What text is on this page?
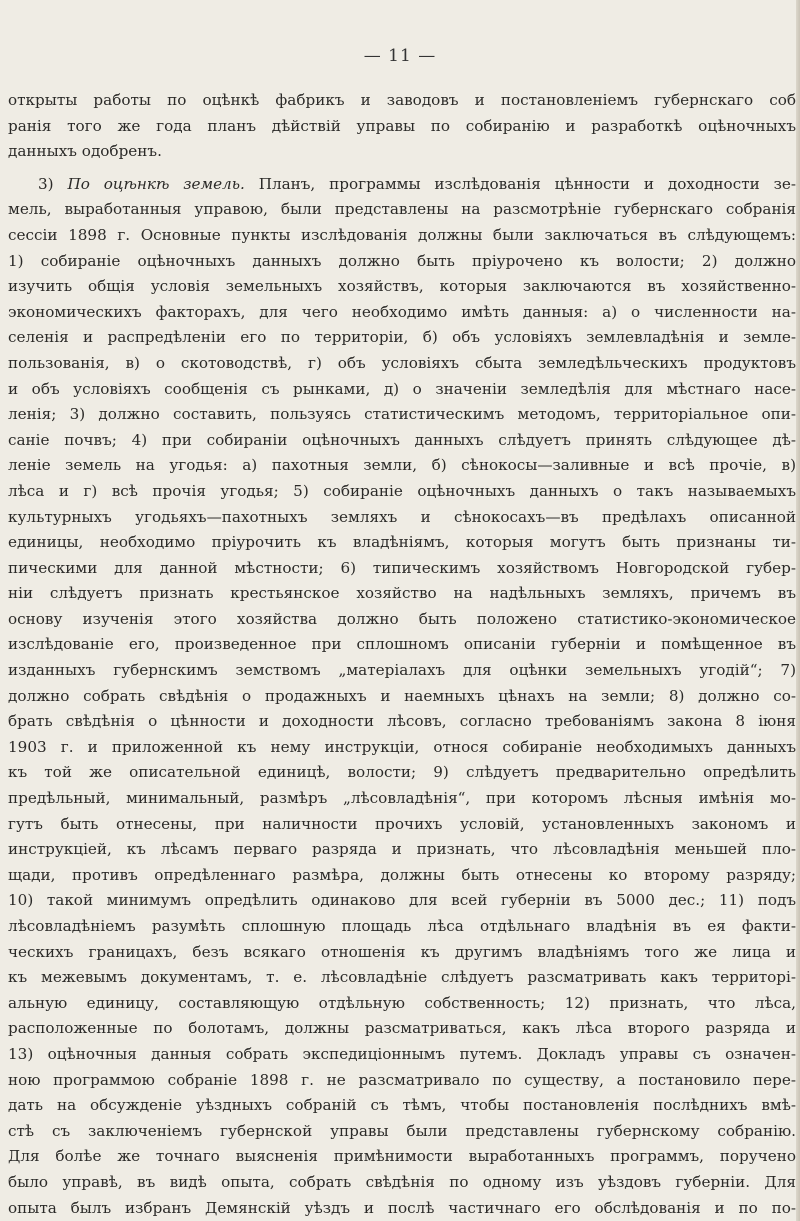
— 11 —
открыты работы по оцѣнкѣ фабрикъ и заводовъ и постановленіемъ губернскаго соб
ранія того же года планъ дѣйствій управы по собиранію и разработкѣ оцѣночныхъ
данныхъ одобренъ.
3) По оцѣнкѣ земель. Планъ, программы изслѣдованія цѣнности и доходности зе-
мель, выработанныя управою, были представлены на разсмотрѣніе губернскаго собранія
сессіи 1898 г. Основные пункты изслѣдованія должны были заключаться въ слѣдующемъ:
1) собираніе оцѣночныхъ данныхъ должно быть пріурочено къ волости; 2) должно
изучить общія условія земельныхъ хозяйствъ, которыя заключаются въ хозяйственно-
экономическихъ факторахъ, для чего необходимо имѣть данныя: а) о численности на-
селенія и распредѣленіи его по территоріи, б) объ условіяхъ землевладѣнія и земле-
пользованія, в) о скотоводствѣ, г) объ условіяхъ сбыта земледѣльческихъ продуктовъ
и объ условіяхъ сообщенія съ рынками, д) о значеніи земледѣлія для мѣстнаго насе-
ленія; 3) должно составить, пользуясь статистическимъ методомъ, территоріальное опи-
саніе почвъ; 4) при собираніи оцѣночныхъ данныхъ слѣдуетъ принять слѣдующее дѣ-
леніе земель на угодья: а) пахотныя земли, б) сѣнокосы—заливные и всѣ прочіе, в)
лѣса и г) всѣ прочія угодья; 5) собираніе оцѣночныхъ данныхъ о такъ называемыхъ
культурныхъ угодьяхъ—пахотныхъ земляхъ и сѣнокосахъ—въ предѣлахъ описанной
единицы, необходимо пріурочить къ владѣніямъ, которыя могутъ быть признаны ти-
пическими для данной мѣстности; 6) типическимъ хозяйствомъ Новгородской губер-
ніи слѣдуетъ признать крестьянское хозяйство на надѣльныхъ земляхъ, причемъ въ
основу изученія этого хозяйства должно быть положено статистико-экономическое
изслѣдованіе его, произведенное при сплошномъ описаніи губерніи и помѣщенное въ
изданныхъ губернскимъ земствомъ „матеріалахъ для оцѣнки земельныхъ угодій“; 7)
должно собрать свѣдѣнія о продажныхъ и наемныхъ цѣнахъ на земли; 8) должно со-
брать свѣдѣнія о цѣнности и доходности лѣсовъ, согласно требованіямъ закона 8 іюня
1903 г. и приложенной къ нему инструкціи, относя собираніе необходимыхъ данныхъ
къ той же описательной единицѣ, волости; 9) слѣдуетъ предварительно опредѣлить
предѣльный, минимальный, размѣръ „лѣсовладѣнія“, при которомъ лѣсныя имѣнія мо-
гутъ быть отнесены, при наличности прочихъ условій, установленныхъ закономъ и
инструкціей, къ лѣсамъ перваго разряда и признать, что лѣсовладѣнія меньшей пло-
щади, противъ опредѣленнаго размѣра, должны быть отнесены ко второму разряду;
10) такой минимумъ опредѣлить одинаково для всей губерніи въ 5000 дес.; 11) подъ
лѣсовладѣніемъ разумѣть сплошную площадь лѣса отдѣльнаго владѣнія въ ея факти-
ческихъ границахъ, безъ всякаго отношенія къ другимъ владѣніямъ того же лица и
къ межевымъ документамъ, т. е. лѣсовладѣніе слѣдуетъ разсматривать какъ территорі-
альную единицу, составляющую отдѣльную собственность; 12) признать, что лѣса,
расположенные по болотамъ, должны разсматриваться, какъ лѣса второго разряда и
13) оцѣночныя данныя собрать экспедиціоннымъ путемъ. Докладъ управы съ означен-
ною программою собраніе 1898 г. не разсматривало по существу, а постановило пере-
дать на обсужденіе уѣздныхъ собраній съ тѣмъ, чтобы постановленія послѣднихъ вмѣ-
стѣ съ заключеніемъ губернской управы были представлены губернскому собранію.
Для болѣе же точнаго выясненія примѣнимости выработанныхъ программъ, поручено
было управѣ, въ видѣ опыта, собрать свѣдѣнія по одному изъ уѣздовъ губерніи. Для
опыта былъ избранъ Демянскій уѣздъ и послѣ частичнаго его обслѣдованія и по по-
